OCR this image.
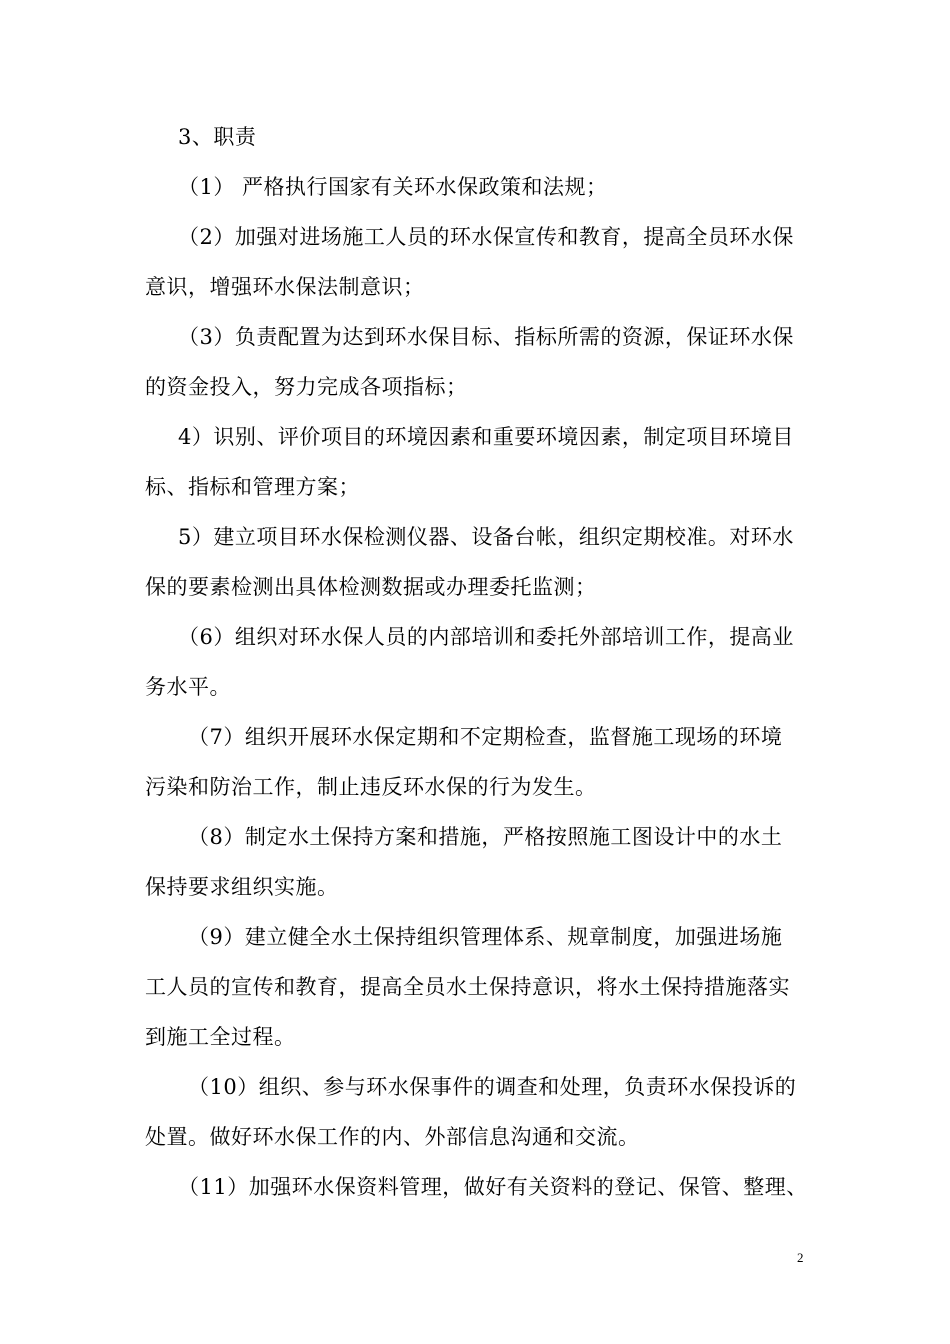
3、职责
（1） 严格执行国家有关环水保政策和法规；
（2）加强对进场施工人员的环水保宣传和教育，提高全员环水保
意识，增强环水保法制意识；
（3）负责配置为达到环水保目标、指标所需的资源，保证环水保
的资金投入，努力完成各项指标；
4）识别、评价项目的环境因素和重要环境因素，制定项目环境目
标、指标和管理方案；
5）建立项目环水保检测仪器、设备台帐，组织定期校准。对环水
保的要素检测出具体检测数据或办理委托监测；
（6）组织对环水保人员的内部培训和委托外部培训工作，提高业
务水平。
（7）组织开展环水保定期和不定期检查，监督施工现场的环境
污染和防治工作，制止违反环水保的行为发生。
（8）制定水土保持方案和措施，严格按照施工图设计中的水土
保持要求组织实施。
（9）建立健全水土保持组织管理体系、规章制度，加强进场施
工人员的宣传和教育，提高全员水土保持意识，将水土保持措施落实
到施工全过程。
（10）组织、参与环水保事件的调查和处理，负责环水保投诉的
处置。做好环水保工作的内、外部信息沟通和交流。
（11）加强环水保资料管理，做好有关资料的登记、保管、整理、
2
